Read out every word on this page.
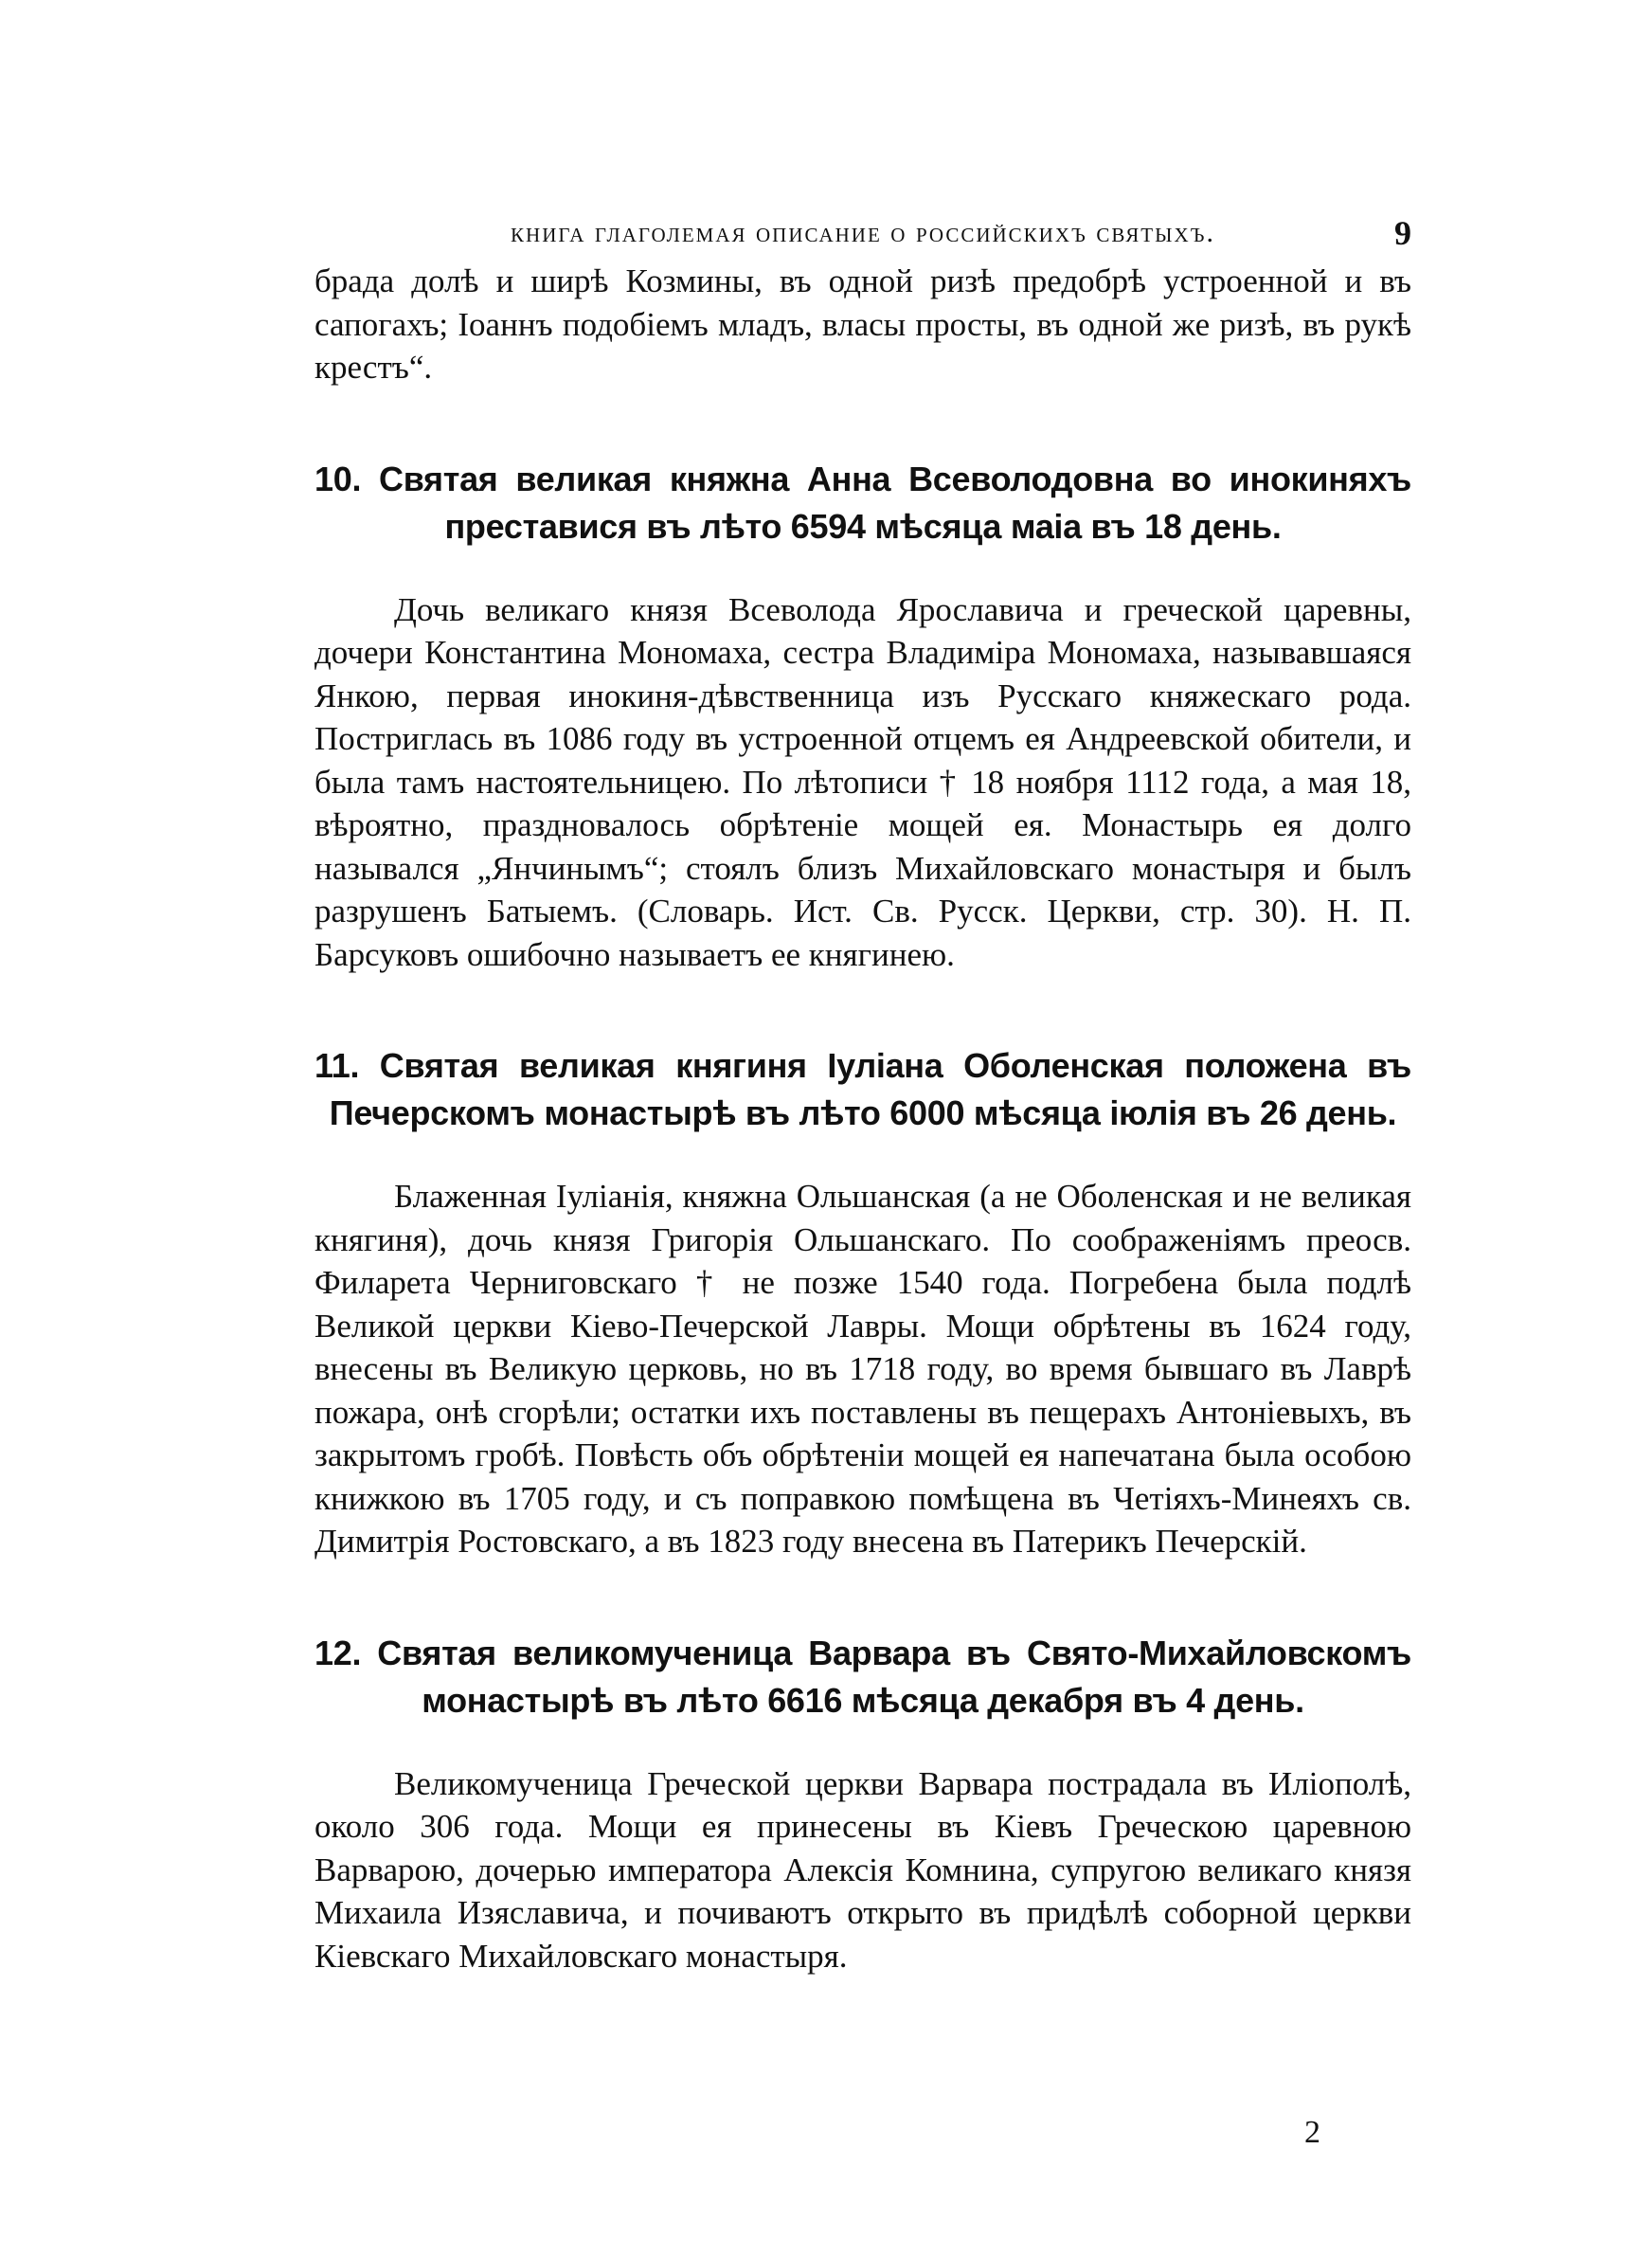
книга глаголемая описание о российскихъ святыхъ.	9

брада долѣ и ширѣ Козмины, въ одной ризѣ предобрѣ устроенной и въ сапогахъ; Іоаннъ подобіемъ младъ, власы просты, въ одной же ризѣ, въ рукѣ крестъ“.

10. Святая великая княжна Анна Всеволодовна во инокиняхъ преставися въ лѣто 6594 мѣсяца маіа въ 18 день.

Дочь великаго князя Всеволода Ярославича и греческой царевны, дочери Константина Мономаха, сестра Владиміра Мономаха, называвшаяся Янкою, первая инокиня-дѣвственница изъ Русскаго княжескаго рода. Постриглась въ 1086 году въ устроенной отцемъ ея Андреевской обители, и была тамъ настоятельницею. По лѣтописи † 18 ноября 1112 года, а мая 18, вѣроятно, праздновалось обрѣтеніе мощей ея. Монастырь ея долго назывался „Янчинымъ“; стоялъ близъ Михайловскаго монастыря и былъ разрушенъ Батыемъ. (Словарь. Ист. Св. Русск. Церкви, стр. 30). Н. П. Барсуковъ ошибочно называетъ ее княгинею.

11. Святая великая княгиня Іуліана Оболенская положена въ Печерскомъ монастырѣ въ лѣто 6000 мѣсяца іюлія въ 26 день.

Блаженная Іуліанія, княжна Ольшанская (а не Оболенская и не великая княгиня), дочь князя Григорія Ольшанскаго. По соображеніямъ преосв. Филарета Черниговскаго † не позже 1540 года. Погребена была подлѣ Великой церкви Кіево-Печерской Лавры. Мощи обрѣтены въ 1624 году, внесены въ Великую церковь, но въ 1718 году, во время бывшаго въ Лаврѣ пожара, онѣ сгорѣли; остатки ихъ поставлены въ пещерахъ Антоніевыхъ, въ закрытомъ гробѣ. Повѣсть объ обрѣтеніи мощей ея напечатана была особою книжкою въ 1705 году, и съ поправкою помѣщена въ Четіяхъ-Минеяхъ св. Димитрія Ростовскаго, а въ 1823 году внесена въ Патерикъ Печерскій.

12. Святая великомученица Варвара въ Свято-Михайловскомъ монастырѣ въ лѣто 6616 мѣсяца декабря въ 4 день.

Великомученица Греческой церкви Варвара пострадала въ Иліополѣ, около 306 года. Мощи ея принесены въ Кіевъ Греческою царевною Варварою, дочерью императора Алексія Комнина, супругою великаго князя Михаила Изяславича, и почиваютъ открыто въ придѣлѣ соборной церкви Кіевскаго Михайловскаго монастыря.

2
